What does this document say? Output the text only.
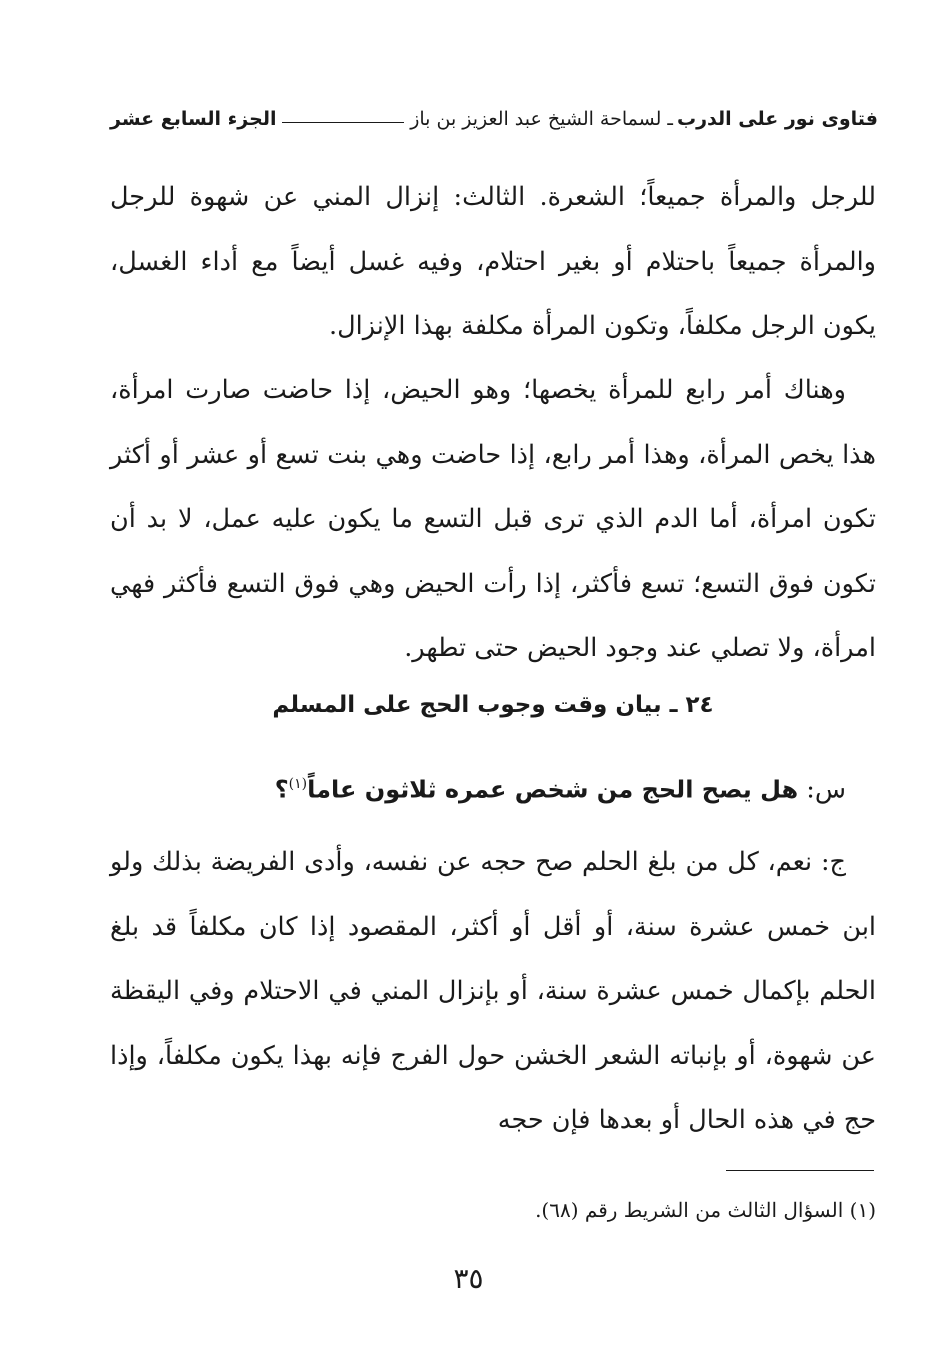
فتاوى نور على الدرب
ـ لسماحة الشيخ عبد العزيز بن باز
الجزء السابع عشر

للرجل والمرأة جميعاً؛ الشعرة. الثالث: إنزال المني عن شهوة للرجل والمرأة جميعاً باحتلام أو بغير احتلام، وفيه غسل أيضاً مع أداء الغسل، يكون الرجل مكلفاً، وتكون المرأة مكلفة بهذا الإنزال.

وهناك أمر رابع للمرأة يخصها؛ وهو الحيض، إذا حاضت صارت امرأة، هذا يخص المرأة، وهذا أمر رابع، إذا حاضت وهي بنت تسع أو عشر أو أكثر تكون امرأة، أما الدم الذي ترى قبل التسع ما يكون عليه عمل، لا بد أن تكون فوق التسع؛ تسع فأكثر، إذا رأت الحيض وهي فوق التسع فأكثر فهي امرأة، ولا تصلي عند وجود الحيض حتى تطهر.

٢٤ ـ بيان وقت وجوب الحج على المسلم
س: هل يصح الحج من شخص عمره ثلاثون عاماً$^{(١)}$؟

ج: نعم، كل من بلغ الحلم صح حجه عن نفسه، وأدى الفريضة بذلك ولو ابن خمس عشرة سنة، أو أقل أو أكثر، المقصود إذا كان مكلفاً قد بلغ الحلم بإكمال خمس عشرة سنة، أو بإنزال المني في الاحتلام وفي اليقظة عن شهوة، أو بإنباته الشعر الخشن حول الفرج فإنه بهذا يكون مكلفاً، وإذا حج في هذه الحال أو بعدها فإن حجه

(١) السؤال الثالث من الشريط رقم (٦٨).
٣٥
